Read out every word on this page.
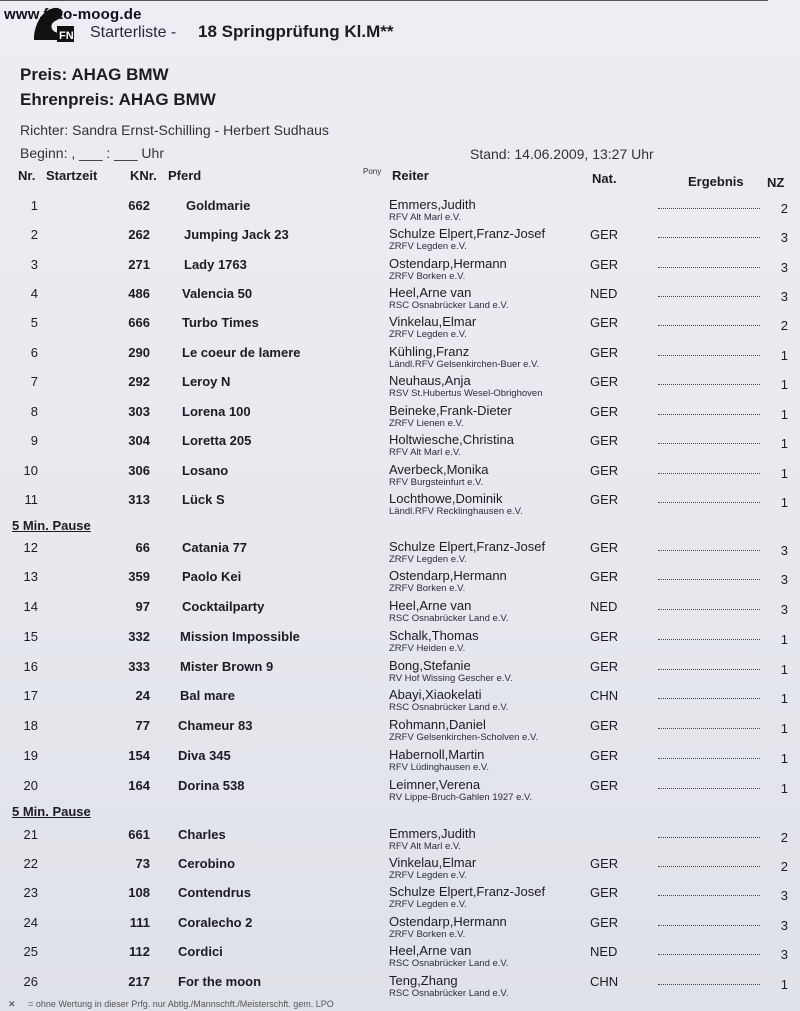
FN
www.foto-moog.de
Starterliste - 18 Springprüfung Kl.M**
Preis: AHAG BMW
Ehrenpreis: AHAG BMW
Richter: Sandra Ernst-Schilling - Herbert Sudhaus
Beginn: , ___ : ___ Uhr	Stand: 14.06.2009, 13:27 Uhr
Nr. Startzeit	KNr. Pferd	Pony Reiter	Nat.	Ergebnis NZ
1	662	Goldmarie	Emmers,Judith
RFV Alt Marl e.V.
2
2	262	Jumping Jack 23	Schulze Elpert,Franz-Josef
ZRFV Legden e.V.
GER	3
3	271	Lady 1763	Ostendarp,Hermann
ZRFV Borken e.V.
GER	3
4	486 Valencia 50	Heel,Arne van
RSC Osnabrücker Land e.V.
NED	3
5	666 Turbo Times	Vinkelau,Elmar
ZRFV Legden e.V.
GER	2
6	290 Le coeur de lamere	Kühling,Franz
Ländl.RFV Gelsenkirchen-Buer e.V.
GER	1
7	292 Leroy N	Neuhaus,Anja
RSV St.Hubertus Wesel-Obrighoven
GER	1
8	303 Lorena 100	Beineke,Frank-Dieter
ZRFV Lienen e.V.
GER	1
9	304 Loretta 205	Holtwiesche,Christina
RFV Alt Marl e.V.
GER	1
10	306 Losano	Averbeck,Monika
RFV Burgsteinfurt e.V.
GER	1
11	313 Lück S	Lochthowe,Dominik
Ländl.RFV Recklinghausen e.V.
GER	1
12	66 Catania 77	Schulze Elpert,Franz-Josef
ZRFV Legden e.V.
GER	3
13	359 Paolo Kei	Ostendarp,Hermann
ZRFV Borken e.V.
GER	3
14	97 Cocktailparty	Heel,Arne van
RSC Osnabrücker Land e.V.
NED	3
15	332 Mission Impossible	Schalk,Thomas
ZRFV Heiden e.V.
GER	1
16	333 Mister Brown 9	Bong,Stefanie
RV Hof Wissing Gescher e.V.
GER	1
17	24 Bal mare	Abayi,Xiaokelati
RSC Osnabrücker Land e.V.
CHN	1
18	77 Chameur 83	Rohmann,Daniel
ZRFV Gelsenkirchen-Scholven e.V.
GER	1
19	154 Diva 345	Habernoll,Martin
RFV Lüdinghausen e.V.
GER	1
20	164 Dorina 538	Leimner,Verena
RV Lippe-Bruch-Gahlen 1927 e.V.
GER	1
21	661 Charles	Emmers,Judith
RFV Alt Marl e.V.
2
22	73 Cerobino	Vinkelau,Elmar
ZRFV Legden e.V.
GER	2
23	108 Contendrus	Schulze Elpert,Franz-Josef
ZRFV Legden e.V.
GER	3
24	111 Coralecho 2	Ostendarp,Hermann
ZRFV Borken e.V.
GER	3
25	112 Cordici	Heel,Arne van
RSC Osnabrücker Land e.V.
NED	3
26	217 For the moon	Teng,Zhang
RSC Osnabrücker Land e.V.
CHN	1
5 Min. Pause
5 Min. Pause
✕ = ohne Wertung in dieser Prfg. nur Abtlg./Mannschft./Meisterschft. gem. LPO
